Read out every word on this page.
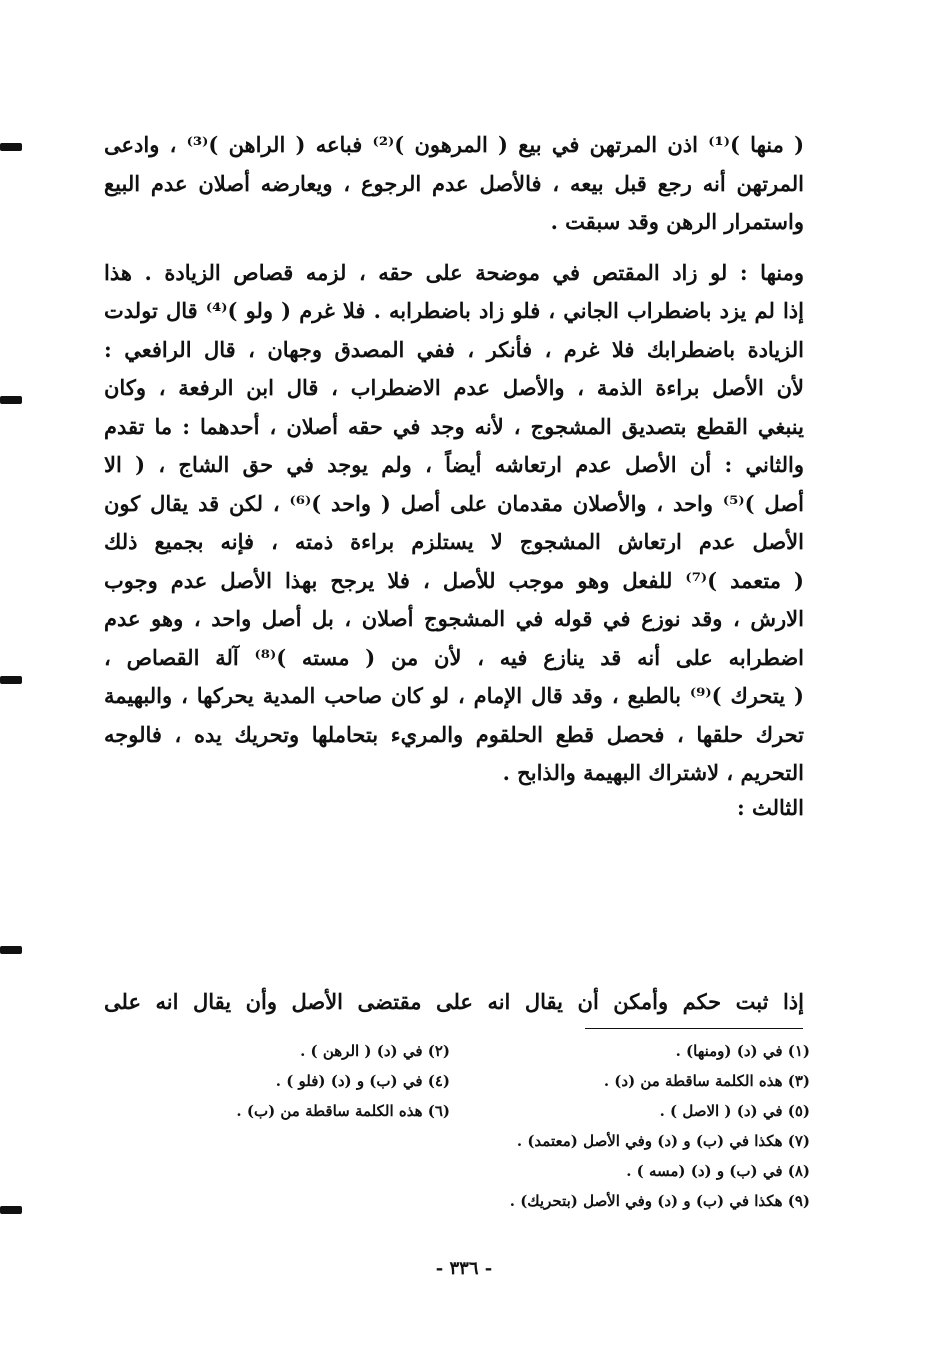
( منها )⁽¹⁾ اذن المرتهن في بيع ( المرهون )⁽²⁾ فباعه ( الراهن )⁽³⁾ ، وادعى
المرتهن أنه رجع قبل بيعه ، فالأصل عدم الرجوع ، ويعارضه أصلان عدم البيع
واستمرار الرهن وقد سبقت .

ومنها : لو زاد المقتص في موضحة على حقه ، لزمه قصاص الزيادة . هذا
إذا لم يزد باضطراب الجاني ، فلو زاد باضطرابه . فلا غرم ( ولو )⁽⁴⁾ قال تولدت
الزيادة باضطرابك فلا غرم ، فأنكر ، ففي المصدق وجهان ، قال الرافعي :
لأن الأصل براءة الذمة ، والأصل عدم الاضطراب ، قال ابن الرفعة ، وكان
ينبغي القطع بتصديق المشجوج ، لأنه وجد في حقه أصلان ، أحدهما : ما تقدم
والثاني : أن الأصل عدم ارتعاشه أيضاً ، ولم يوجد في حق الشاج ، ( الا
أصل )⁽⁵⁾ واحد ، والأصلان مقدمان على أصل ( واحد )⁽⁶⁾ ، لكن قد يقال كون
الأصل عدم ارتعاش المشجوج لا يستلزم براءة ذمته ، فإنه بجميع ذلك
( متعمد )⁽⁷⁾ للفعل وهو موجب للأصل ، فلا يرجح بهذا الأصل عدم وجوب
الارش ، وقد نوزع في قوله في المشجوج أصلان ، بل أصل واحد ، وهو عدم
اضطرابه على أنه قد ينازع فيه ، لأن من ( مسته )⁽⁸⁾ آلة القصاص ،
( يتحرك )⁽⁹⁾ بالطبع ، وقد قال الإمام ، لو كان صاحب المدية يحركها ، والبهيمة
تحرك حلقها ، فحصل قطع الحلقوم والمريء بتحاملها وتحريك يده ، فالوجه
التحريم ، لاشتراك البهيمة والذابح .

الثالث :
إذا ثبت حكم وأمكن أن يقال انه على مقتضى الأصل وأن يقال انه على
(١) في (د) (ومنها) .
(٢) في (د) ( الرهن ) .
(٣) هذه الكلمة ساقطة من (د) .
(٤) في (ب) و (د) (فلو ) .
(٥) في (د) ( الاصل ) .
(٦) هذه الكلمة ساقطة من (ب) .
(٧) هكذا في (ب) و (د) وفي الأصل (معتمد) .
(٨) في (ب) و (د) (مسه ) .
(٩) هكذا في (ب) و (د) وفي الأصل (بتحريك) .
- ٣٣٦ -
